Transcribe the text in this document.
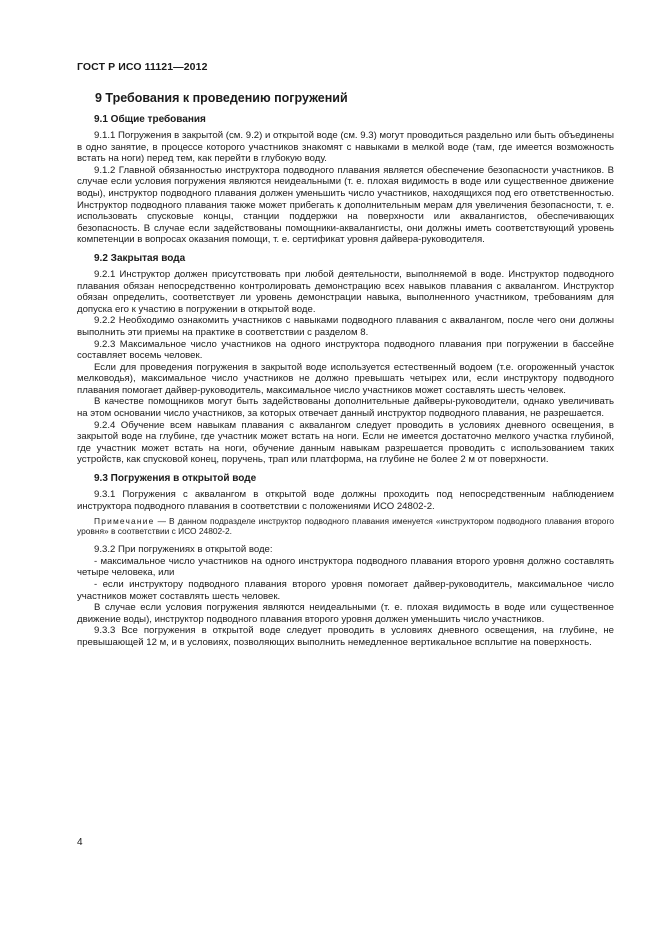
ГОСТ Р ИСО 11121—2012
9 Требования к проведению погружений
9.1 Общие требования

9.1.1 Погружения в закрытой (см. 9.2) и открытой воде (см. 9.3) могут проводиться раздельно или быть объединены в одно занятие, в процессе которого участников знакомят с навыками в мелкой воде (там, где имеется возможность встать на ноги) перед тем, как перейти в глубокую воду.

9.1.2 Главной обязанностью инструктора подводного плавания является обеспечение безопасности участников. В случае если условия погружения являются неидеальными (т. е. плохая видимость в воде или существенное движение воды), инструктор подводного плавания должен уменьшить число участников, находящихся под его ответственностью. Инструктор подводного плавания также может прибегать к дополнительным мерам для увеличения безопасности, т. е. использовать спусковые концы, станции поддержки на поверхности или аквалангистов, обеспечивающих безопасность. В случае если задействованы помощники-аквалангисты, они должны иметь соответствующий уровень компетенции в вопросах оказания помощи, т. е. сертификат уровня дайвера-руководителя.

9.2 Закрытая вода

9.2.1 Инструктор должен присутствовать при любой деятельности, выполняемой в воде. Инструктор подводного плавания обязан непосредственно контролировать демонстрацию всех навыков плавания с аквалангом. Инструктор обязан определить, соответствует ли уровень демонстрации навыка, выполненного участником, требованиям для допуска его к участию в погружении в открытой воде.

9.2.2 Необходимо ознакомить участников с навыками подводного плавания с аквалангом, после чего они должны выполнить эти приемы на практике в соответствии с разделом 8.

9.2.3 Максимальное число участников на одного инструктора подводного плавания при погружении в бассейне составляет восемь человек.

Если для проведения погружения в закрытой воде используется естественный водоем (т.е. огороженный участок мелководья), максимальное число участников не должно превышать четырех или, если инструктору подводного плавания помогает дайвер-руководитель, максимальное число участников может составлять шесть человек.

В качестве помощников могут быть задействованы дополнительные дайверы-руководители, однако увеличивать на этом основании число участников, за которых отвечает данный инструктор подводного плавания, не разрешается.

9.2.4 Обучение всем навыкам плавания с аквалангом следует проводить в условиях дневного освещения, в закрытой воде на глубине, где участник может встать на ноги. Если не имеется достаточно мелкого участка глубиной, где участник может встать на ноги, обучение данным навыкам разрешается проводить с использованием таких устройств, как спусковой конец, поручень, трап или платформа, на глубине не более 2 м от поверхности.

9.3 Погружения в открытой воде

9.3.1 Погружения с аквалангом в открытой воде должны проходить под непосредственным наблюдением инструктора подводного плавания в соответствии с положениями ИСО 24802-2.

Примечание — В данном подразделе инструктор подводного плавания именуется «инструктором подводного плавания второго уровня» в соответствии с ИСО 24802-2.

9.3.2 При погружениях в открытой воде:

- максимальное число участников на одного инструктора подводного плавания второго уровня должно составлять четыре человека, или

- если инструктору подводного плавания второго уровня помогает дайвер-руководитель, максимальное число участников может составлять шесть человек.

В случае если условия погружения являются неидеальными (т. е. плохая видимость в воде или существенное движение воды), инструктор подводного плавания второго уровня должен уменьшить число участников.

9.3.3 Все погружения в открытой воде следует проводить в условиях дневного освещения, на глубине, не превышающей 12 м, и в условиях, позволяющих выполнить немедленное вертикальное всплытие на поверхность.

4
